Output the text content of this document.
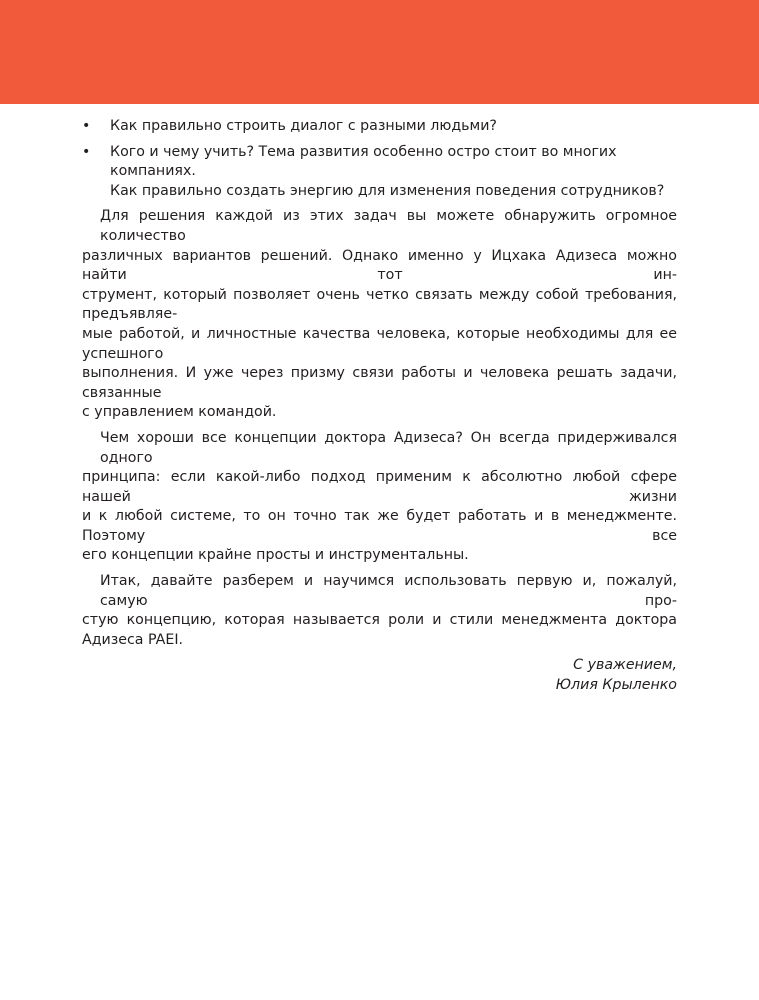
• Как правильно строить диалог с разными людьми?
• Кого и чему учить? Тема развития особенно остро стоит во многих компаниях.
Как правильно создать энергию для изменения поведения сотрудников?

Для решения каждой из этих задач вы можете обнаружить огромное количество
различных вариантов решений. Однако именно у Ицхака Адизеса можно найти тот ин-
струмент, который позволяет очень четко связать между собой требования, предъявляе-
мые работой, и личностные качества человека, которые необходимы для ее успешного
выполнения. И уже через призму связи работы и человека решать задачи, связанные
с управлением командой.

Чем хороши все концепции доктора Адизеса? Он всегда придерживался одного
принципа: если какой-либо подход применим к абсолютно любой сфере нашей жизни
и к любой системе, то он точно так же будет работать и в менеджменте. Поэтому все
его концепции крайне просты и инструментальны.

Итак, давайте разберем и научимся использовать первую и, пожалуй, самую про-
стую концепцию, которая называется роли и стили менеджмента доктора Адизеса PAEI.

С уважением,
Юлия Крыленко
